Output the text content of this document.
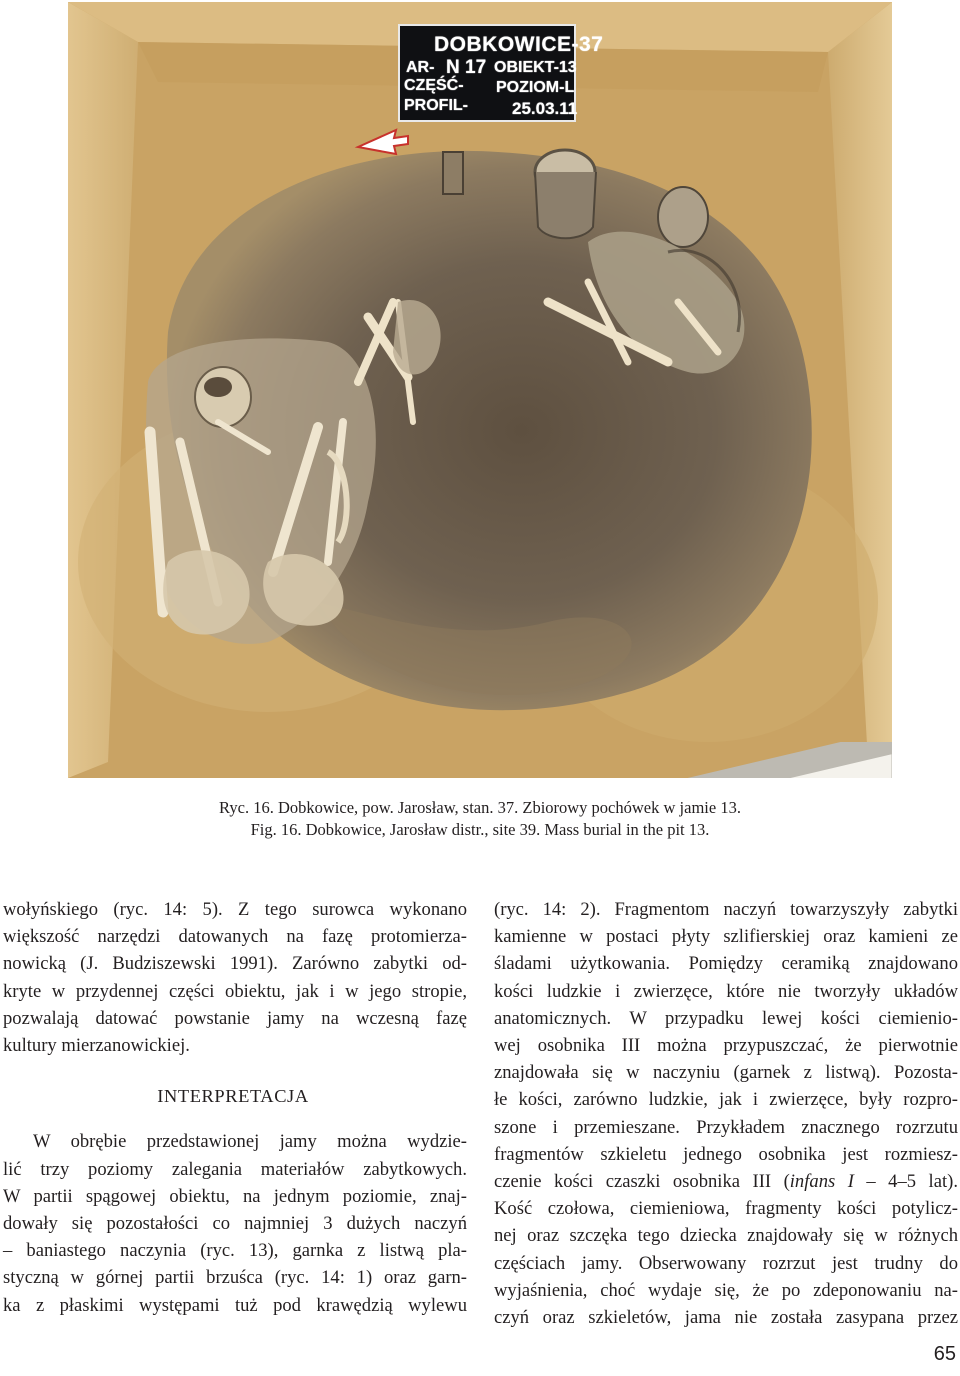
DOBKOWICE-37
AR- N 17 OBIEKT-13
CZĘŚĆ- POZIOM-L
PROFIL-	25.03.11
Ryc. 16. Dobkowice, pow. Jarosław, stan. 37. Zbiorowy pochówek w jamie 13.
Fig. 16. Dobkowice, Jarosław distr., site 39. Mass burial in the pit 13.
wołyńskiego (ryc. 14: 5). Z tego surowca wykonano
większość narzędzi datowanych na fazę protomierza-
nowicką (J. Budziszewski 1991). Zarówno zabytki od-
kryte w przydennej części obiektu, jak i w jego stropie,
pozwalają datować powstanie jamy na wczesną fazę
kultury mierzanowickiej.
INTERPRETACJA
W obrębie przedstawionej jamy można wydzie-
lić trzy poziomy zalegania materiałów zabytkowych.
W partii spągowej obiektu, na jednym poziomie, znaj-
dowały się pozostałości co najmniej 3 dużych naczyń
– baniastego naczynia (ryc. 13), garnka z listwą pla-
styczną w górnej partii brzuśca (ryc. 14: 1) oraz garn-
ka z płaskimi występami tuż pod krawędzią wylewu
(ryc. 14: 2). Fragmentom naczyń towarzyszyły zabytki
kamienne w postaci płyty szlifierskiej oraz kamieni ze
śladami użytkowania. Pomiędzy ceramiką znajdowano
kości ludzkie i zwierzęce, które nie tworzyły układów
anatomicznych. W przypadku lewej kości ciemienio-
wej osobnika III można przypuszczać, że pierwotnie
znajdowała się w naczyniu (garnek z listwą). Pozosta-
łe kości, zarówno ludzkie, jak i zwierzęce, były rozpro-
szone i przemieszane. Przykładem znacznego rozrzutu
fragmentów szkieletu jednego osobnika jest rozmiesz-
czenie kości czaszki osobnika III (infans I – 4–5 lat).
Kość czołowa, ciemieniowa, fragmenty kości potylicz-
nej oraz szczęka tego dziecka znajdowały się w różnych
częściach jamy. Obserwowany rozrzut jest trudny do
wyjaśnienia, choć wydaje się, że po zdeponowaniu na-
czyń oraz szkieletów, jama nie została zasypana przez
65
